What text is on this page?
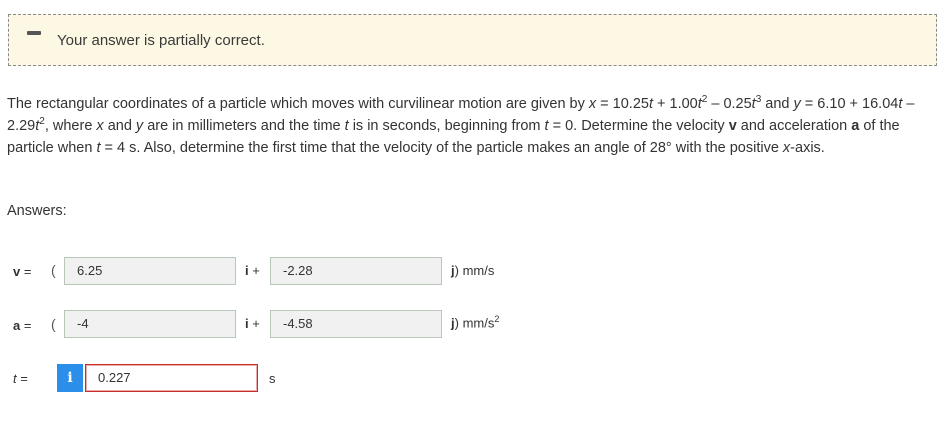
Your answer is partially correct.
The rectangular coordinates of a particle which moves with curvilinear motion are given by $x = 10.25t + 1.00t^2 - 0.25t^3$ and $y = 6.10 + 16.04t - 2.29t^2$, where x and y are in millimeters and the time t is in seconds, beginning from t = 0. Determine the velocity v and acceleration a of the particle when t = 4 s. Also, determine the first time that the velocity of the particle makes an angle of 28° with the positive x-axis.
Answers:
v = (	6.25	i +	-2.28	j) mm/s
a = (	-4	i +	-4.58	j) $mm/s^2$
t =	i	0.227	s
